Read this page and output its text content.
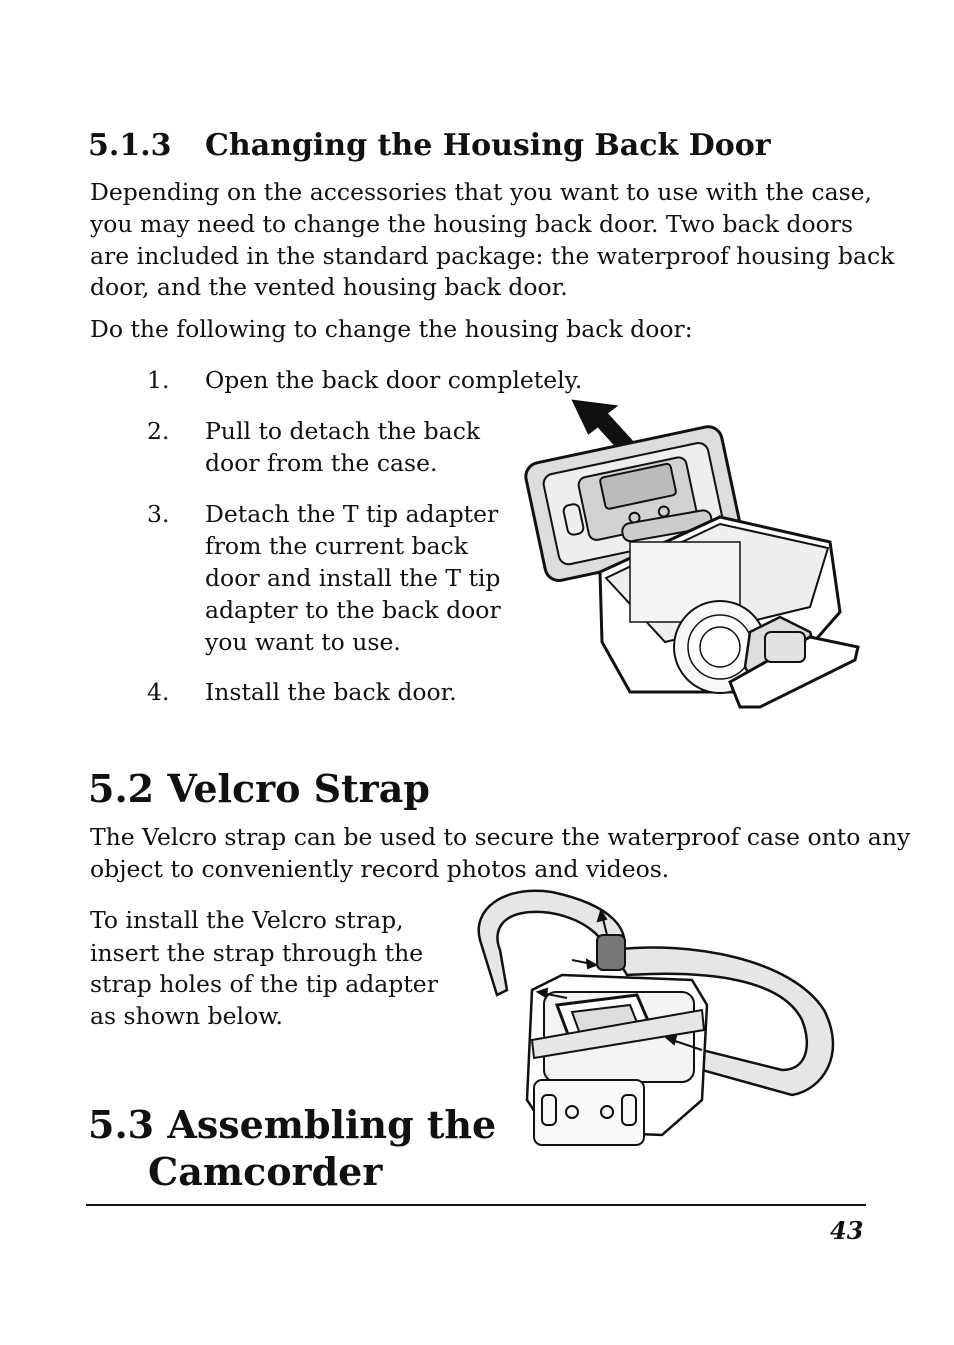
5.1.3 Changing the Housing Back Door
Depending on the accessories that you want to use with the case,
you may need to change the housing back door. Two back doors
are included in the standard package: the waterproof housing back
door, and the vented housing back door.
Do the following to change the housing back door:
1.	Open the back door completely.
2.	Pull to detach the back
door from the case.
3.	Detach the T tip adapter
from the current back
door and install the T tip
adapter to the back door
you want to use.
4.	Install the back door.
5.2 Velcro Strap
The Velcro strap can be used to secure the waterproof case onto any
object to conveniently record photos and videos.
To install the Velcro strap,
insert the strap through the
strap holes of the tip adapter
as shown below.
5.3 Assembling the
Camcorder
43
